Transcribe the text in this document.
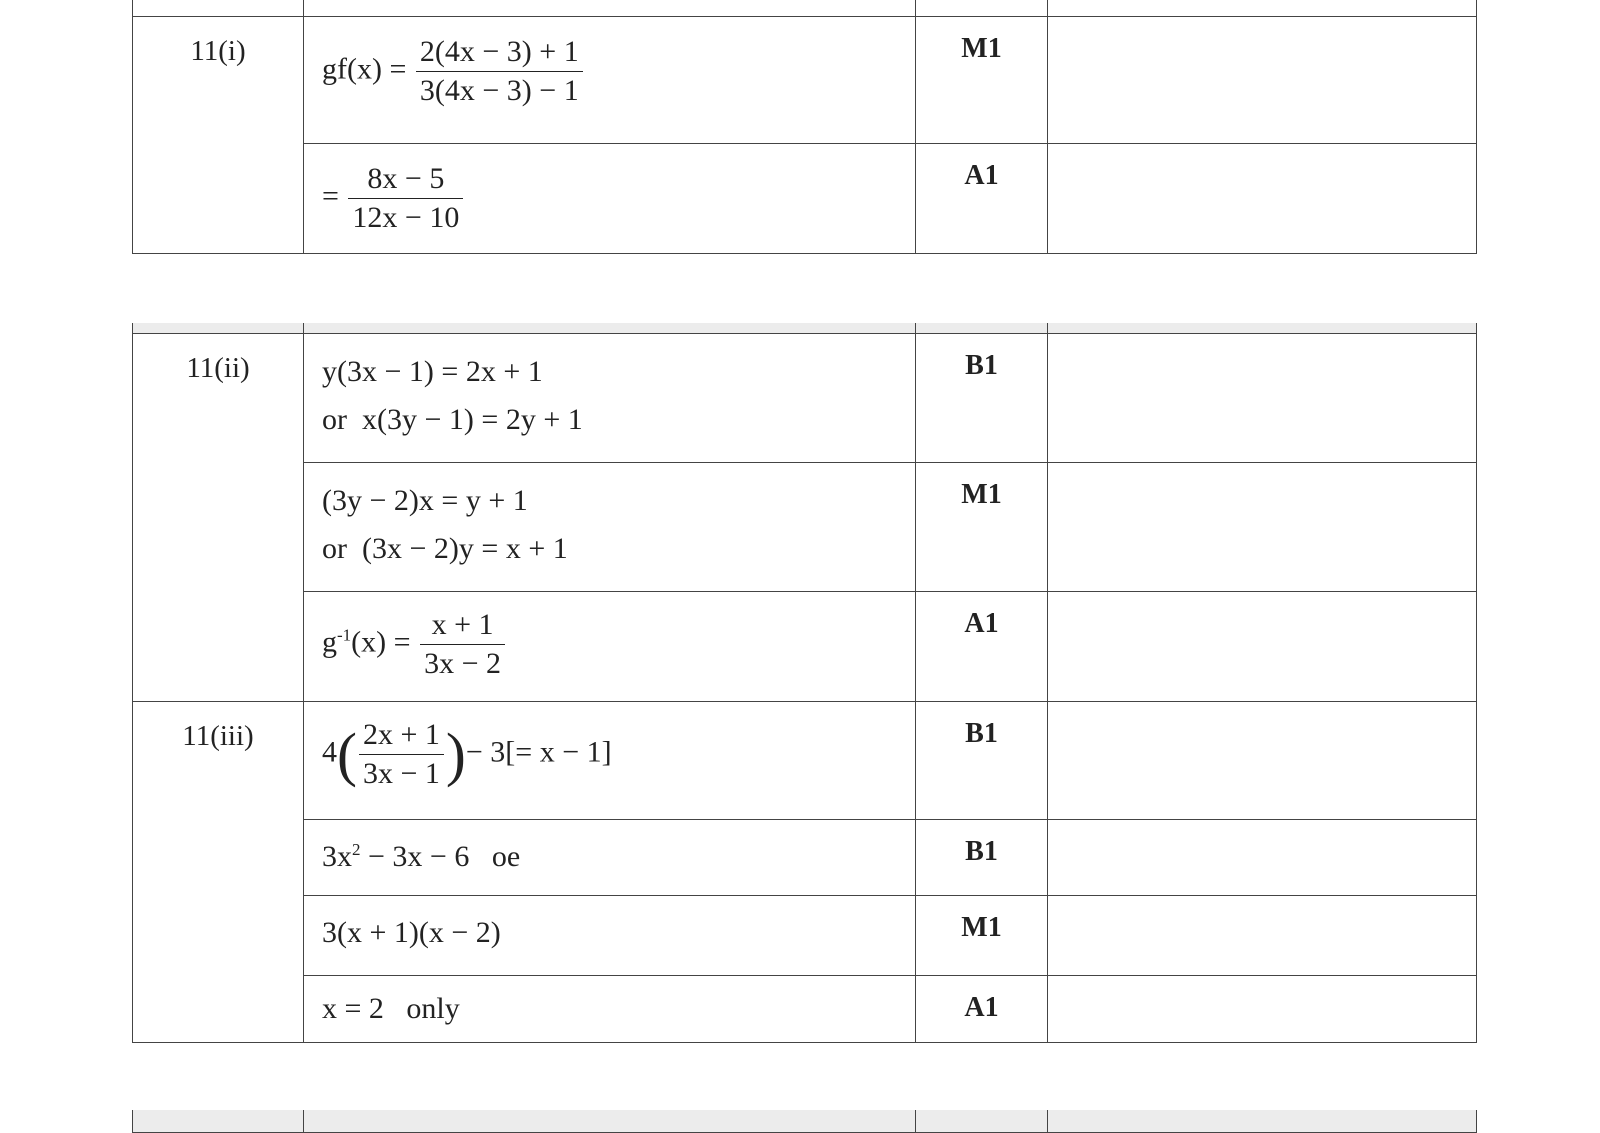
11(i)	$gf(x) = \frac{2(4x - 3) + 1}{3(4x - 3) - 1}$	M1	
	= $\frac{8x - 5}{12x - 10}$	A1	

11(ii)	y(3x − 1) = 2x + 1
or x(3y − 1) = 2y + 1	B1	

	(3y − 2)x = y + 1
or (3x − 2)y = x + 1	M1	
	$g^{-1}(x) = \frac{x + 1}{3x - 2}$	A1	
11(iii)	$4( \frac{2x + 1}{3x - 1}$ )− 3[= x − 1]	B1	
	$3x^2 - 3x - 6$ oe	B1	
	3(x + 1)(x − 2)	M1	
	x = 2 only	A1	
